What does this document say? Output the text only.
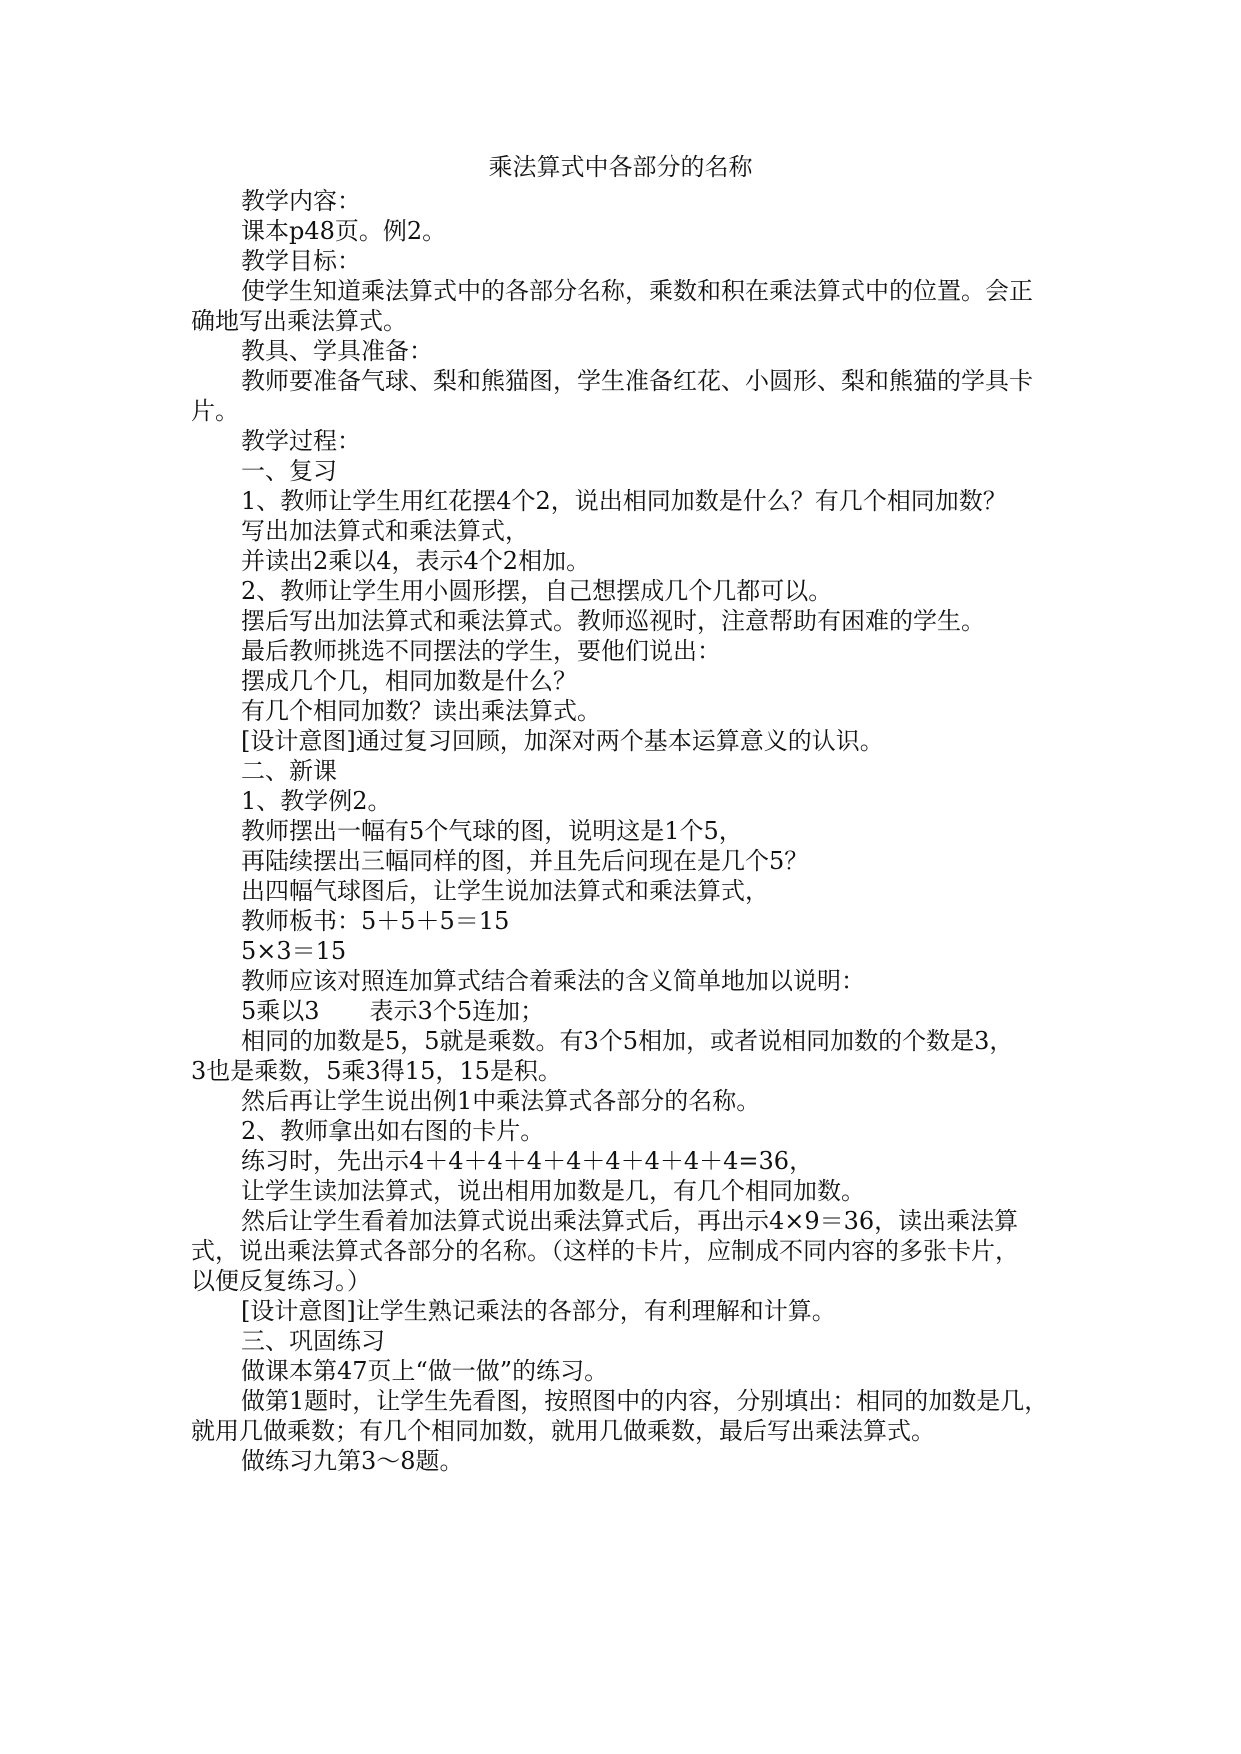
乘法算式中各部分的名称
教学内容：
课本p48页。例2。
教学目标：
使学生知道乘法算式中的各部分名称，乘数和积在乘法算式中的位置。会正
确地写出乘法算式。
教具、学具准备：
教师要准备气球、梨和熊猫图，学生准备红花、小圆形、梨和熊猫的学具卡
片。
教学过程：
一、复习
1、教师让学生用红花摆4个2，说出相同加数是什么？有几个相同加数？
写出加法算式和乘法算式，
并读出2乘以4，表示4个2相加。
2、教师让学生用小圆形摆，自己想摆成几个几都可以。
摆后写出加法算式和乘法算式。教师巡视时，注意帮助有困难的学生。
最后教师挑选不同摆法的学生，要他们说出：
摆成几个几，相同加数是什么？
有几个相同加数？读出乘法算式。
[设计意图]通过复习回顾，加深对两个基本运算意义的认识。
二、新课
1、教学例2。
教师摆出一幅有5个气球的图，说明这是1个5，
再陆续摆出三幅同样的图，并且先后问现在是几个5？
出四幅气球图后，让学生说加法算式和乘法算式，
教师板书：5＋5＋5＝15
5×3＝15
教师应该对照连加算式结合着乘法的含义简单地加以说明：
5乘以3 表示3个5连加；
相同的加数是5，5就是乘数。有3个5相加，或者说相同加数的个数是3，
3也是乘数，5乘3得15，15是积。
然后再让学生说出例1中乘法算式各部分的名称。
2、教师拿出如右图的卡片。
练习时，先出示4＋4＋4＋4＋4＋4＋4＋4＋4=36，
让学生读加法算式，说出相用加数是几，有几个相同加数。
然后让学生看着加法算式说出乘法算式后，再出示4×9＝36，读出乘法算
式，说出乘法算式各部分的名称。（这样的卡片，应制成不同内容的多张卡片，
以便反复练习。）
[设计意图]让学生熟记乘法的各部分，有利理解和计算。
三、巩固练习
做课本第47页上“做一做”的练习。
做第1题时，让学生先看图，按照图中的内容，分别填出：相同的加数是几，
就用几做乘数；有几个相同加数，就用几做乘数，最后写出乘法算式。
做练习九第3～8题。
